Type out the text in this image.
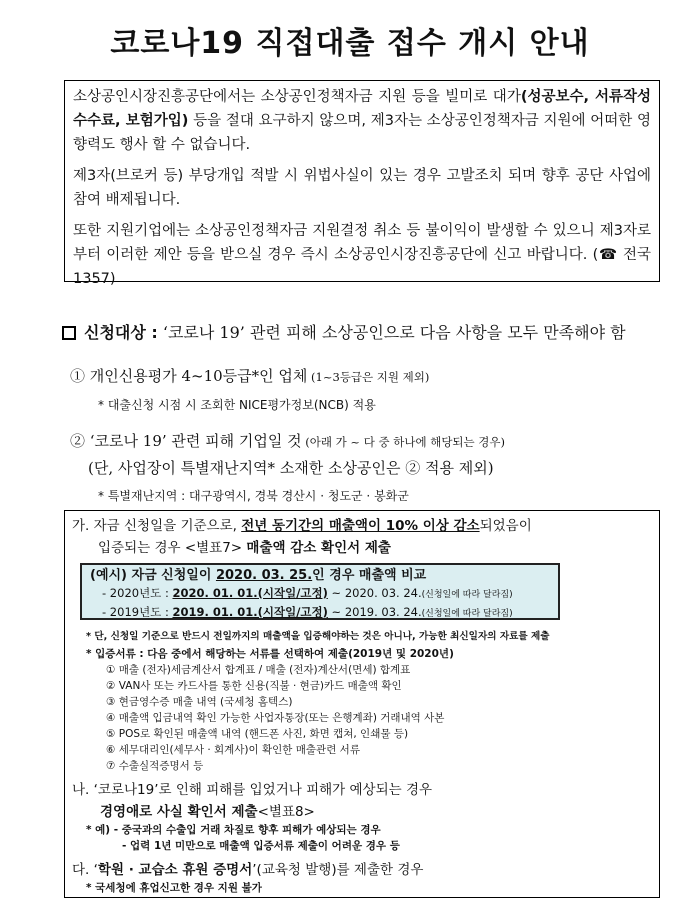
코로나19 직접대출 접수 개시 안내

소상공인시장진흥공단에서는 소상공인정책자금 지원 등을 빌미로 대가(성공보수, 서류작성 수수료, 보험가입) 등을 절대 요구하지 않으며, 제3자는 소상공인정책자금 지원에 어떠한 영향력도 행사 할 수 없습니다.

제3자(브로커 등) 부당개입 적발 시 위법사실이 있는 경우 고발조치 되며 향후 공단 사업에 참여 배제됩니다.

또한 지원기업에는 소상공인정책자금 지원결정 취소 등 불이익이 발생할 수 있으니 제3자로부터 이러한 제안 등을 받으실 경우 즉시 소상공인시장진흥공단에 신고 바랍니다. (☎ 전국 1357)

신청대상 : ‘코로나 19’ 관련 피해 소상공인으로 다음 사항을 모두 만족해야 함
① 개인신용평가 4~10등급*인 업체 (1~3등급은 지원 제외)
* 대출신청 시점 시 조회한 NICE평가정보(NCB) 적용
② ‘코로나 19’ 관련 피해 기업일 것 (아래 가 ~ 다 중 하나에 해당되는 경우)
(단, 사업장이 특별재난지역* 소재한 소상공인은 ② 적용 제외)
* 특별재난지역 : 대구광역시, 경북 경산시 · 청도군 · 봉화군
가. 자금 신청일을 기준으로, 전년 동기간의 매출액이 10% 이상 감소되었음이
입증되는 경우 <별표7> 매출액 감소 확인서 제출
(예시) 자금 신청일이 2020. 03. 25.인 경우 매출액 비교
- 2020년도 : 2020. 01. 01.(시작일/고정) ~ 2020. 03. 24.(신청일에 따라 달라짐)
- 2019년도 : 2019. 01. 01.(시작일/고정) ~ 2019. 03. 24.(신청일에 따라 달라짐)
* 단, 신청일 기준으로 반드시 전일까지의 매출액을 입증해야하는 것은 아니나, 가능한 최신일자의 자료를 제출
* 입증서류 : 다음 중에서 해당하는 서류를 선택하여 제출(2019년 및 2020년)
① 매출 (전자)세금계산서 합계표 / 매출 (전자)계산서(면세) 합계표
② VAN사 또는 카드사를 통한 신용(직불 · 현금)카드 매출액 확인
③ 현금영수증 매출 내역 (국세청 홈텍스)
④ 매출액 입금내역 확인 가능한 사업자통장(또는 은행계좌) 거래내역 사본
⑤ POS로 확인된 매출액 내역 (핸드폰 사진, 화면 캡쳐, 인쇄물 등)
⑥ 세무대리인(세무사 · 회계사)이 확인한 매출관련 서류
⑦ 수출실적증명서 등
나. ‘코로나19’로 인해 피해를 입었거나 피해가 예상되는 경우
경영애로 사실 확인서 제출<별표8>
* 예) - 중국과의 수출입 거래 차질로 향후 피해가 예상되는 경우
- 업력 1년 미만으로 매출액 입증서류 제출이 어려운 경우 등
다. ‘학원 · 교습소 휴원 증명서’(교육청 발행)를 제출한 경우
* 국세청에 휴업신고한 경우 지원 불가
